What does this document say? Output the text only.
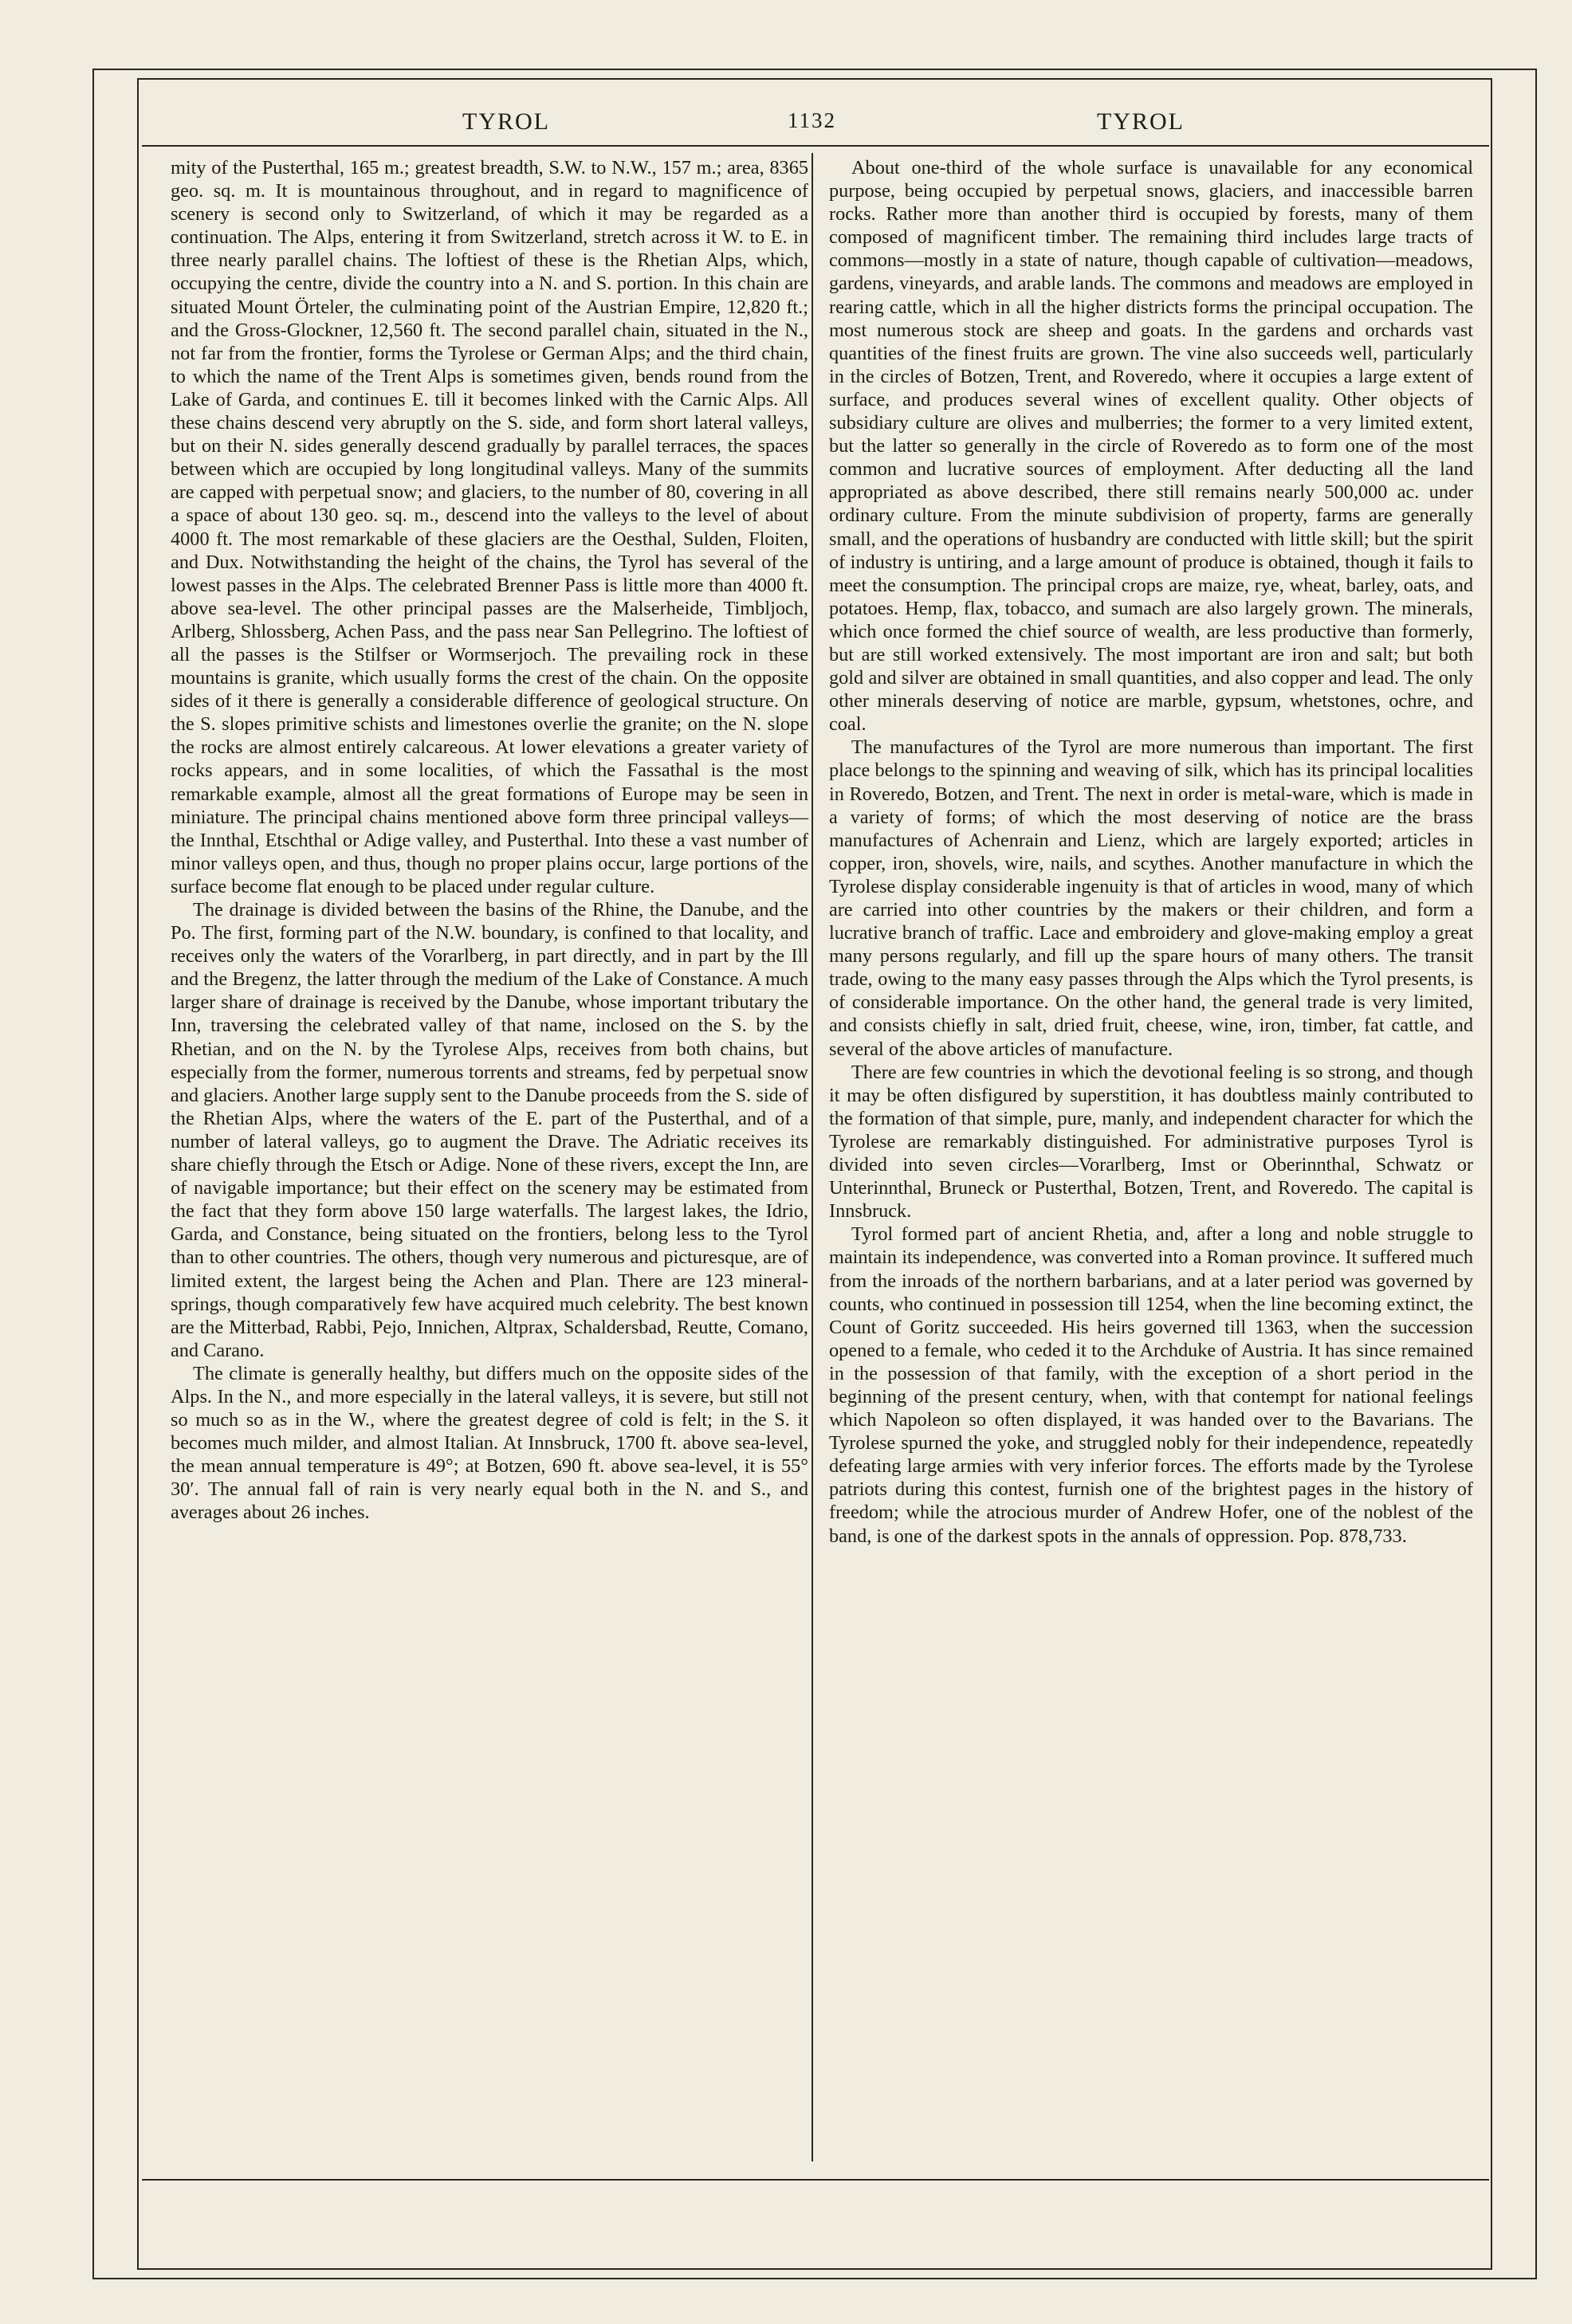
TYROL	1132	TYROL

mity of the Pusterthal, 165 m.; greatest breadth, S.W. to N.W., 157 m.; area, 8365 geo. sq. m. It is mountainous throughout, and in regard to magnificence of scenery is second only to Switzerland, of which it may be regarded as a continuation. The Alps, entering it from Switzerland, stretch across it W. to E. in three nearly parallel chains. The loftiest of these is the Rhetian Alps, which, occupying the centre, divide the country into a N. and S. portion. In this chain are situated Mount Örteler, the culminating point of the Austrian Empire, 12,820 ft.; and the Gross-Glockner, 12,560 ft. The second parallel chain, situated in the N., not far from the frontier, forms the Tyrolese or German Alps; and the third chain, to which the name of the Trent Alps is sometimes given, bends round from the Lake of Garda, and continues E. till it becomes linked with the Carnic Alps. All these chains descend very abruptly on the S. side, and form short lateral valleys, but on their N. sides generally descend gradually by parallel terraces, the spaces between which are occupied by long longitudinal valleys. Many of the summits are capped with perpetual snow; and glaciers, to the number of 80, covering in all a space of about 130 geo. sq. m., descend into the valleys to the level of about 4000 ft. The most remarkable of these glaciers are the Oesthal, Sulden, Floiten, and Dux. Notwithstanding the height of the chains, the Tyrol has several of the lowest passes in the Alps. The celebrated Brenner Pass is little more than 4000 ft. above sea-level. The other principal passes are the Malserheide, Timbljoch, Arlberg, Shlossberg, Achen Pass, and the pass near San Pellegrino. The loftiest of all the passes is the Stilfser or Wormserjoch. The prevailing rock in these mountains is granite, which usually forms the crest of the chain. On the opposite sides of it there is generally a considerable difference of geological structure. On the S. slopes primitive schists and limestones overlie the granite; on the N. slope the rocks are almost entirely calcareous. At lower elevations a greater variety of rocks appears, and in some localities, of which the Fassathal is the most remarkable example, almost all the great formations of Europe may be seen in miniature. The principal chains mentioned above form three principal valleys—the Innthal, Etschthal or Adige valley, and Pusterthal. Into these a vast number of minor valleys open, and thus, though no proper plains occur, large portions of the surface become flat enough to be placed under regular culture.

The drainage is divided between the basins of the Rhine, the Danube, and the Po. The first, forming part of the N.W. boundary, is confined to that locality, and receives only the waters of the Vorarlberg, in part directly, and in part by the Ill and the Bregenz, the latter through the medium of the Lake of Constance. A much larger share of drainage is received by the Danube, whose important tributary the Inn, traversing the celebrated valley of that name, inclosed on the S. by the Rhetian, and on the N. by the Tyrolese Alps, receives from both chains, but especially from the former, numerous torrents and streams, fed by perpetual snow and glaciers. Another large supply sent to the Danube proceeds from the S. side of the Rhetian Alps, where the waters of the E. part of the Pusterthal, and of a number of lateral valleys, go to augment the Drave. The Adriatic receives its share chiefly through the Etsch or Adige. None of these rivers, except the Inn, are of navigable importance; but their effect on the scenery may be estimated from the fact that they form above 150 large waterfalls. The largest lakes, the Idrio, Garda, and Constance, being situated on the frontiers, belong less to the Tyrol than to other countries. The others, though very numerous and picturesque, are of limited extent, the largest being the Achen and Plan. There are 123 mineral-springs, though comparatively few have acquired much celebrity. The best known are the Mitterbad, Rabbi, Pejo, Innichen, Altprax, Schaldersbad, Reutte, Comano, and Carano.

The climate is generally healthy, but differs much on the opposite sides of the Alps. In the N., and more especially in the lateral valleys, it is severe, but still not so much so as in the W., where the greatest degree of cold is felt; in the S. it becomes much milder, and almost Italian. At Innsbruck, 1700 ft. above sea-level, the mean annual temperature is 49°; at Botzen, 690 ft. above sea-level, it is 55° 30′. The annual fall of rain is very nearly equal both in the N. and S., and averages about 26 inches.

About one-third of the whole surface is unavailable for any economical purpose, being occupied by perpetual snows, glaciers, and inaccessible barren rocks. Rather more than another third is occupied by forests, many of them composed of magnificent timber. The remaining third includes large tracts of commons—mostly in a state of nature, though capable of cultivation—meadows, gardens, vineyards, and arable lands. The commons and meadows are employed in rearing cattle, which in all the higher districts forms the principal occupation. The most numerous stock are sheep and goats. In the gardens and orchards vast quantities of the finest fruits are grown. The vine also succeeds well, particularly in the circles of Botzen, Trent, and Roveredo, where it occupies a large extent of surface, and produces several wines of excellent quality. Other objects of subsidiary culture are olives and mulberries; the former to a very limited extent, but the latter so generally in the circle of Roveredo as to form one of the most common and lucrative sources of employment. After deducting all the land appropriated as above described, there still remains nearly 500,000 ac. under ordinary culture. From the minute subdivision of property, farms are generally small, and the operations of husbandry are conducted with little skill; but the spirit of industry is untiring, and a large amount of produce is obtained, though it fails to meet the consumption. The principal crops are maize, rye, wheat, barley, oats, and potatoes. Hemp, flax, tobacco, and sumach are also largely grown. The minerals, which once formed the chief source of wealth, are less productive than formerly, but are still worked extensively. The most important are iron and salt; but both gold and silver are obtained in small quantities, and also copper and lead. The only other minerals deserving of notice are marble, gypsum, whetstones, ochre, and coal.

The manufactures of the Tyrol are more numerous than important. The first place belongs to the spinning and weaving of silk, which has its principal localities in Roveredo, Botzen, and Trent. The next in order is metal-ware, which is made in a variety of forms; of which the most deserving of notice are the brass manufactures of Achenrain and Lienz, which are largely exported; articles in copper, iron, shovels, wire, nails, and scythes. Another manufacture in which the Tyrolese display considerable ingenuity is that of articles in wood, many of which are carried into other countries by the makers or their children, and form a lucrative branch of traffic. Lace and embroidery and glove-making employ a great many persons regularly, and fill up the spare hours of many others. The transit trade, owing to the many easy passes through the Alps which the Tyrol presents, is of considerable importance. On the other hand, the general trade is very limited, and consists chiefly in salt, dried fruit, cheese, wine, iron, timber, fat cattle, and several of the above articles of manufacture.

There are few countries in which the devotional feeling is so strong, and though it may be often disfigured by superstition, it has doubtless mainly contributed to the formation of that simple, pure, manly, and independent character for which the Tyrolese are remarkably distinguished. For administrative purposes Tyrol is divided into seven circles—Vorarlberg, Imst or Oberinnthal, Schwatz or Unterinnthal, Bruneck or Pusterthal, Botzen, Trent, and Roveredo. The capital is Innsbruck.

Tyrol formed part of ancient Rhetia, and, after a long and noble struggle to maintain its independence, was converted into a Roman province. It suffered much from the inroads of the northern barbarians, and at a later period was governed by counts, who continued in possession till 1254, when the line becoming extinct, the Count of Goritz succeeded. His heirs governed till 1363, when the succession opened to a female, who ceded it to the Archduke of Austria. It has since remained in the possession of that family, with the exception of a short period in the beginning of the present century, when, with that contempt for national feelings which Napoleon so often displayed, it was handed over to the Bavarians. The Tyrolese spurned the yoke, and struggled nobly for their independence, repeatedly defeating large armies with very inferior forces. The efforts made by the Tyrolese patriots during this contest, furnish one of the brightest pages in the history of freedom; while the atrocious murder of Andrew Hofer, one of the noblest of the band, is one of the darkest spots in the annals of oppression. Pop. 878,733.
